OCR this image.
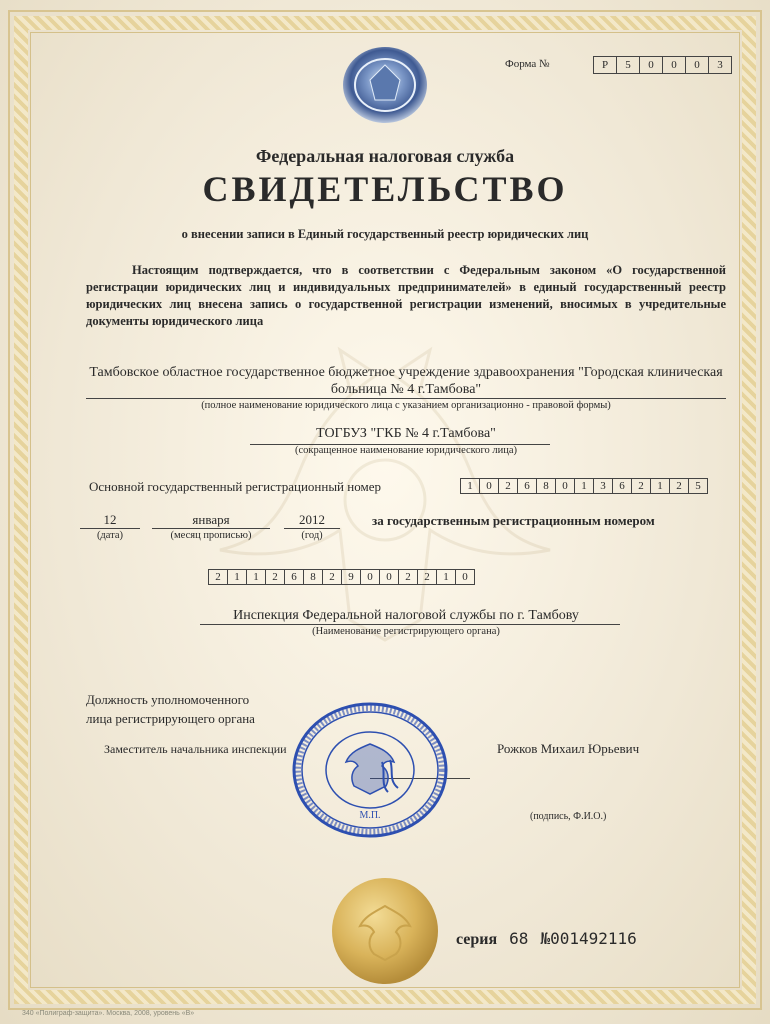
Форма №	Р	5	0	0	0	3
Федеральная налоговая служба
СВИДЕТЕЛЬСТВО
о внесении записи в Единый государственный реестр юридических лиц
Настоящим подтверждается, что в соответствии с Федеральным законом «О государственной регистрации юридических лиц и индивидуальных предпринимателей» в единый государственный реестр юридических лиц внесена запись о государственной регистрации изменений, вносимых в учредительные документы юридического лица
Тамбовское областное государственное бюджетное учреждение здравоохранения "Городская клиническая больница № 4 г.Тамбова"
(полное наименование юридического лица с указанием организационно - правовой формы)
ТОГБУЗ "ГКБ № 4 г.Тамбова"
(сокращенное наименование юридического лица)
Основной государственный регистрационный номер	1	0	2	6	8	0	1	3	6	2	1	2	5
12
(дата)
января
(месяц прописью)
2012
(год)
за государственным регистрационным номером
2	1	1	2	6	8	2	9	0	0	2	2	1	0
Инспекция Федеральной налоговой службы по г. Тамбову
(Наименование регистрирующего органа)
Должность уполномоченного
лица регистрирующего органа
Заместитель начальника инспекции	Рожков Михаил Юрьевич
(подпись, Ф.И.О.)
М.П.
серия 68 №001492116
340 «Полиграф-защита». Москва, 2008, уровень «В»
